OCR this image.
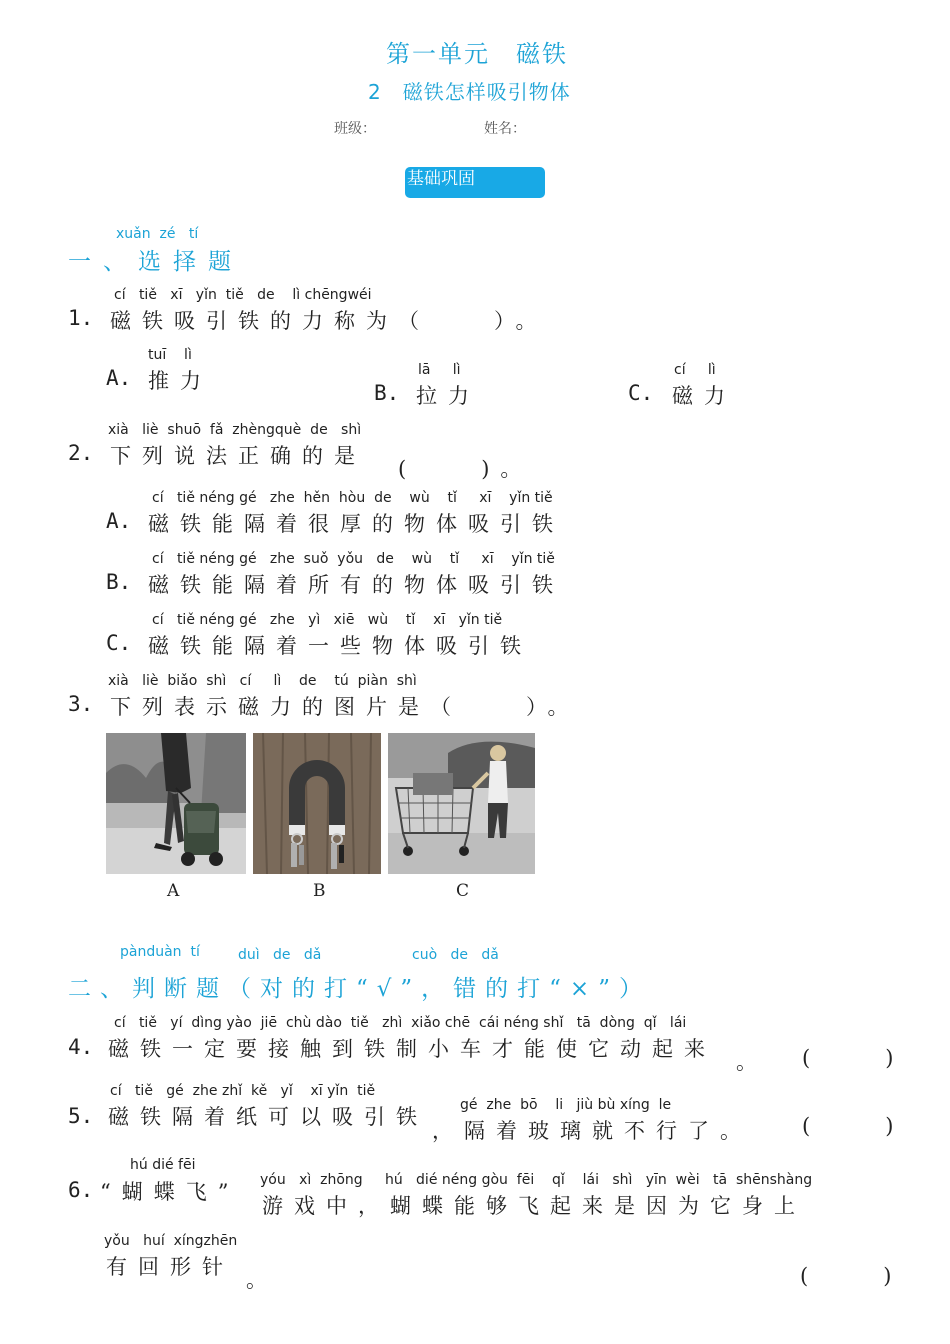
第一单元　磁铁
2　磁铁怎样吸引物体
班级：	姓名：
基础巩固
xuǎn  zé   tí
一、选择题
cí   tiě   xī   yǐn  tiě   de    lì chēngwéi
1. 磁铁吸引铁的力称为（　　）。
tuī    lì
A. 推力	lā     lì
B. 拉力
cí     lì
C. 磁力
xià   liè  shuō  fǎ  zhèngquè  de   shì
2. 下列说法正确的是
(　　)。
cí   tiě néng gé   zhe  hěn  hòu  de    wù    tǐ     xī    yǐn tiě
A. 磁铁能隔着很厚的物体吸引铁
cí   tiě néng gé   zhe  suǒ  yǒu   de    wù    tǐ     xī    yǐn tiě
B. 磁铁能隔着所有的物体吸引铁
cí   tiě néng gé   zhe   yì   xiē   wù    tǐ    xī   yǐn tiě
C. 磁铁能隔着一些物体吸引铁
xià   liè  biǎo  shì   cí     lì    de    tú  piàn  shì
3. 下列表示磁力的图片是（　　）。
A	B	C
pànduàn  tí	duì   de   dǎ	cuò   de   dǎ
二、判断题（对的打“√”，错的打“×”）
cí   tiě   yí  dìng yào  jiē  chù dào  tiě   zhì  xiǎo chē  cái néng shǐ   tā  dòng  qǐ   lái
4. 磁铁一定要接触到铁制小车才能使它动起来
。 (　　)
cí   tiě   gé  zhe zhǐ  kě   yǐ    xī yǐn  tiě
5. 磁铁隔着纸可以吸引铁 gé  zhe  bō    li   jiù bù xíng  le
，隔着玻璃就不行了。 (　　)
hú dié fēi
6. “蝴蝶飞” yóu   xì  zhōng     hú   dié néng gòu  fēi    qǐ    lái   shì   yīn  wèi   tā  shēnshàng
游戏中，蝴蝶能够飞起来是因为它身上
yǒu   huí  xíngzhēn
有回形针
。	(　　)
